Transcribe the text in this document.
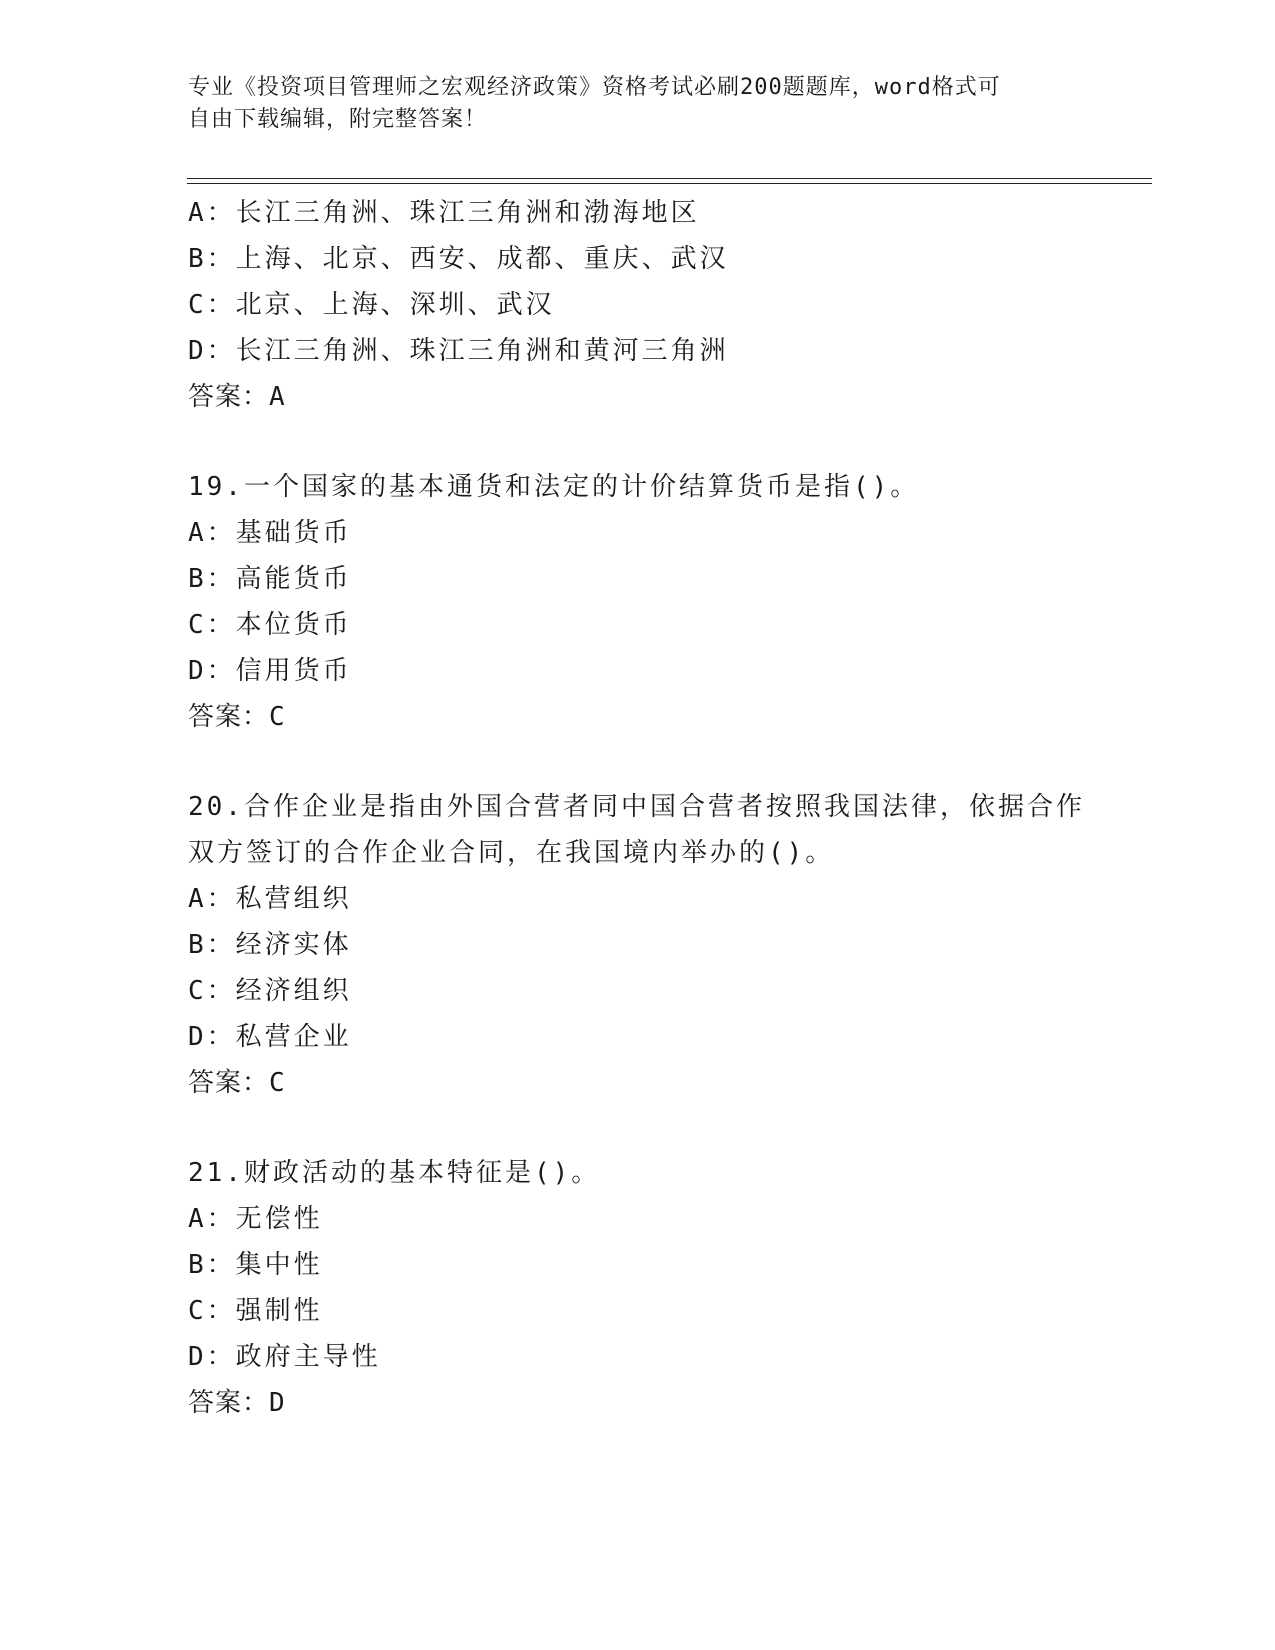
专业《投资项目管理师之宏观经济政策》资格考试必刷200题题库，word格式可
自由下载编辑，附完整答案！
A：长江三角洲、珠江三角洲和渤海地区
B：上海、北京、西安、成都、重庆、武汉
C：北京、上海、深圳、武汉
D：长江三角洲、珠江三角洲和黄河三角洲
答案：A
19.一个国家的基本通货和法定的计价结算货币是指()。
A：基础货币
B：高能货币
C：本位货币
D：信用货币
答案：C
20.合作企业是指由外国合营者同中国合营者按照我国法律，依据合作
双方签订的合作企业合同，在我国境内举办的()。
A：私营组织
B：经济实体
C：经济组织
D：私营企业
答案：C
21.财政活动的基本特征是()。
A：无偿性
B：集中性
C：强制性
D：政府主导性
答案：D
